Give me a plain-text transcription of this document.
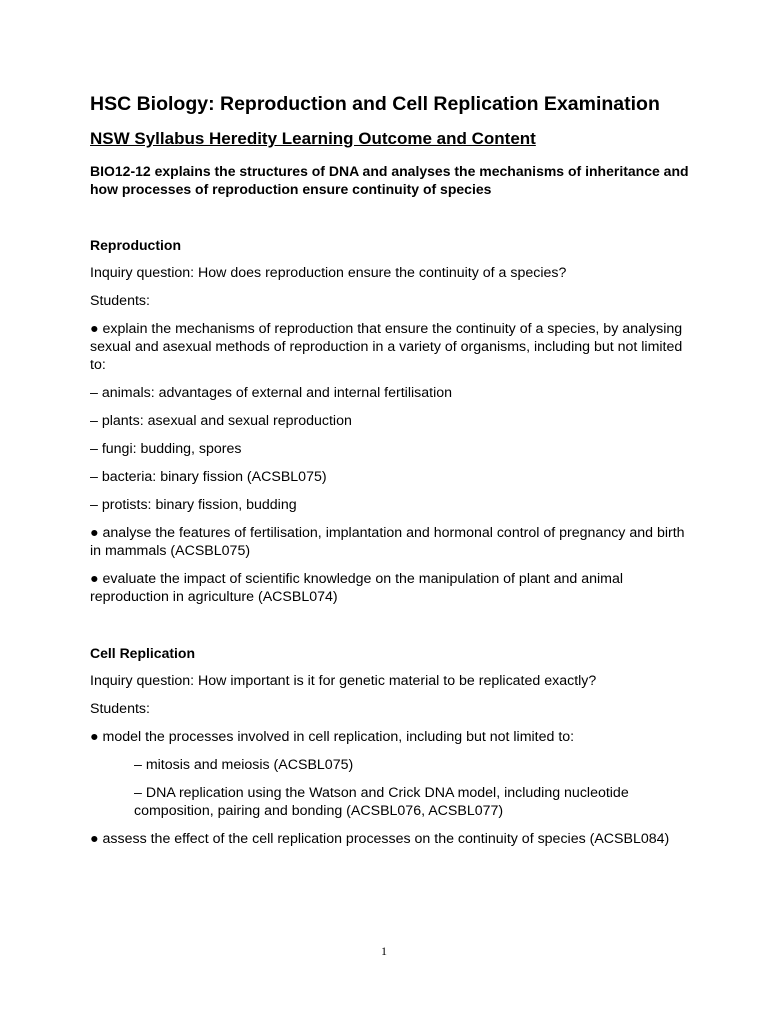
HSC Biology: Reproduction and Cell Replication Examination
NSW Syllabus Heredity Learning Outcome and Content

BIO12-12 explains the structures of DNA and analyses the mechanisms of inheritance and how processes of reproduction ensure continuity of species

Reproduction

Inquiry question: How does reproduction ensure the continuity of a species?

Students:

● explain the mechanisms of reproduction that ensure the continuity of a species, by analysing sexual and asexual methods of reproduction in a variety of organisms, including but not limited to:

– animals: advantages of external and internal fertilisation

– plants: asexual and sexual reproduction

– fungi: budding, spores

– bacteria: binary fission (ACSBL075)

– protists: binary fission, budding

● analyse the features of fertilisation, implantation and hormonal control of pregnancy and birth in mammals (ACSBL075)

● evaluate the impact of scientific knowledge on the manipulation of plant and animal reproduction in agriculture (ACSBL074)

Cell Replication

Inquiry question: How important is it for genetic material to be replicated exactly?

Students:

● model the processes involved in cell replication, including but not limited to:

– mitosis and meiosis (ACSBL075)

– DNA replication using the Watson and Crick DNA model, including nucleotide composition, pairing and bonding (ACSBL076, ACSBL077)

● assess the effect of the cell replication processes on the continuity of species (ACSBL084)

1
